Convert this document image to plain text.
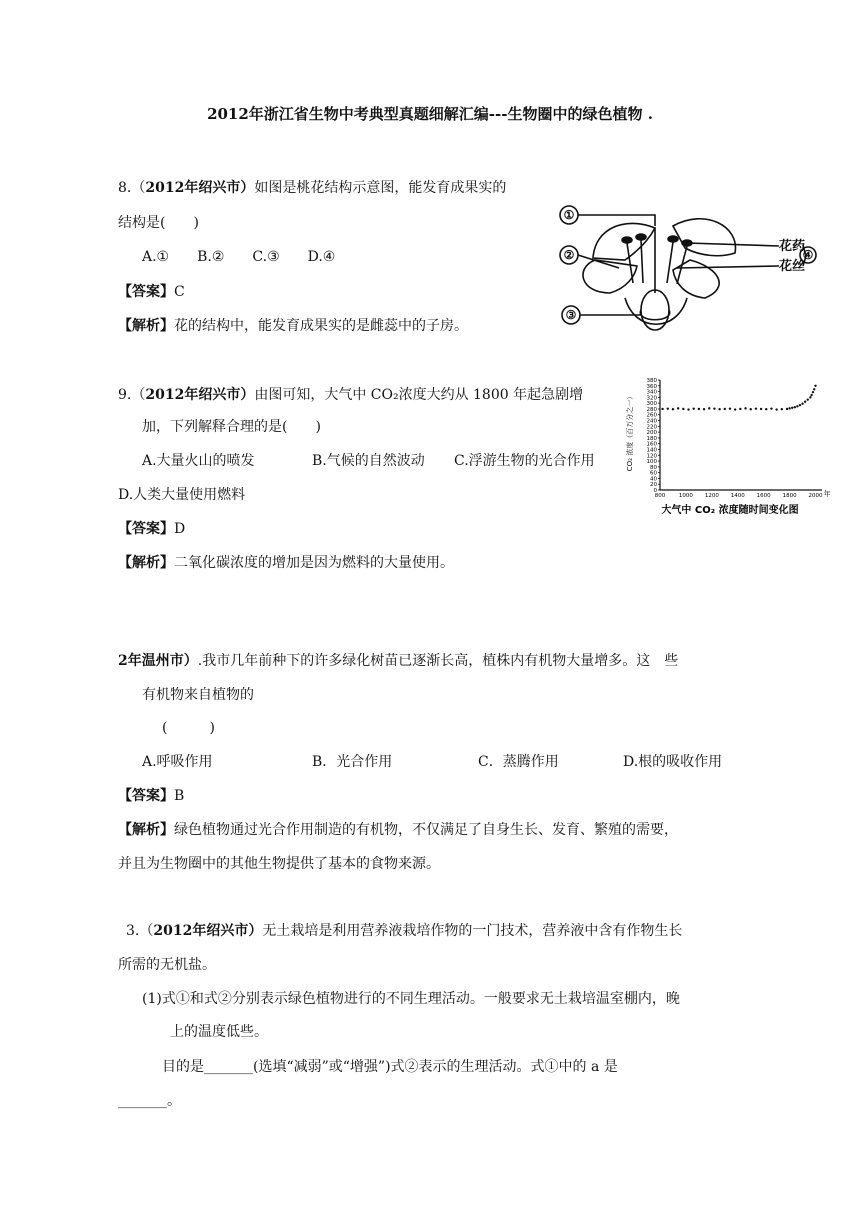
2012年浙江省生物中考典型真题细解汇编---生物圈中的绿色植物 .
8.（2012年绍兴市）如图是桃花结构示意图，能发育成果实的
结构是(　　)
A.①　　B.②　　C.③　　D.④
【答案】C
【解析】花的结构中，能发育成果实的是雌蕊中的子房。
①
②
③
④
花药
花丝
9.（2012年绍兴市）由图可知，大气中 CO₂浓度大约从 1800 年起急剧增
加，下列解释合理的是(　　)
A.大量火山的喷发	B.气候的自然波动 C.浮游生物的光合作用
D.人类大量使用燃料
【答案】D
【解析】二氧化碳浓度的增加是因为燃料的大量使用。
0
20
40
60
80
100
120
140
160
180
200
220
240
260
280
300
320
340
360
380
800 1000 1200 1400 1600 1800 2000
CO₂ 浓度（百万分之一）
年
大气中 CO₂ 浓度随时间变化图
2年温州市）.我市几年前种下的许多绿化树苗已逐渐长高，植株内有机物大量增多。这　些
有机物来自植物的
(　　　)
A.呼吸作用	B．光合作用	C．蒸腾作用	D.根的吸收作用
【答案】B
【解析】绿色植物通过光合作用制造的有机物，不仅满足了自身生长、发育、繁殖的需要，
并且为生物圈中的其他生物提供了基本的食物来源。
3.（2012年绍兴市）无土栽培是利用营养液栽培作物的一门技术，营养液中含有作物生长
所需的无机盐。
(1)式①和式②分别表示绿色植物进行的不同生理活动。一般要求无土栽培温室棚内，晚
上的温度低些。
目的是_______(选填“减弱”或“增强”)式②表示的生理活动。式①中的 a 是
_______。
